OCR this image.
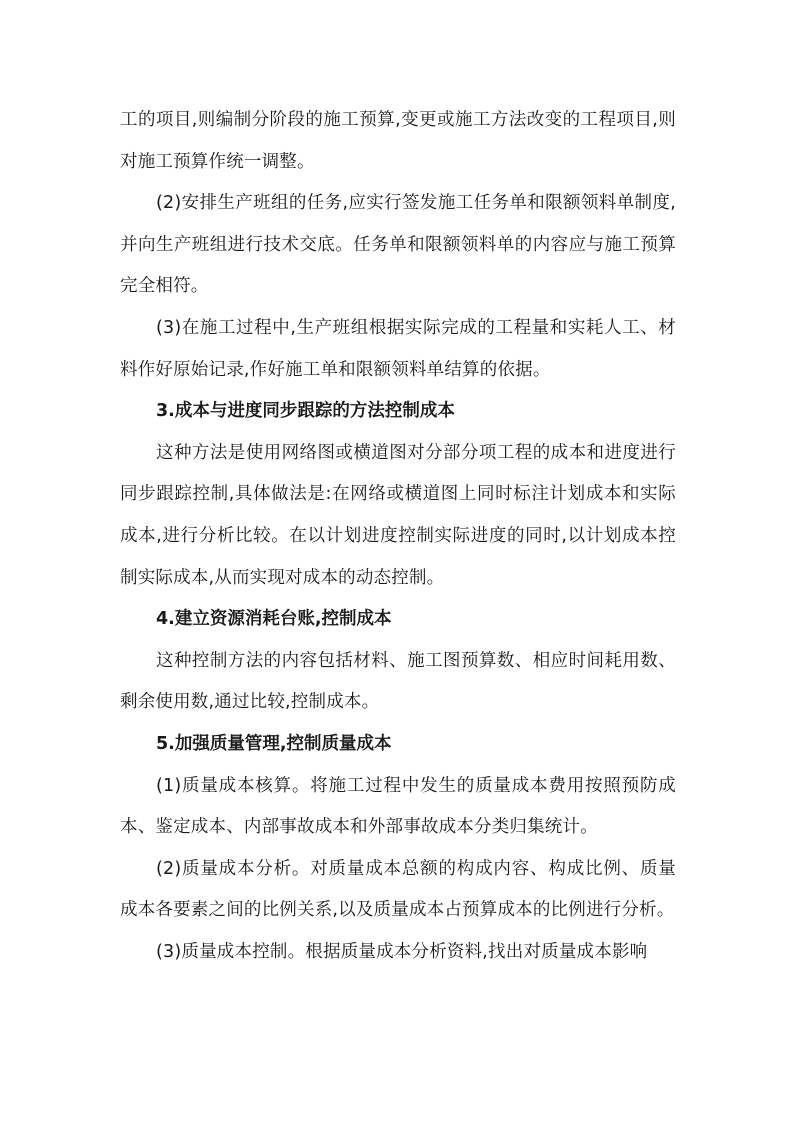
工的项目,则编制分阶段的施工预算,变更或施工方法改变的工程项目,则对施工预算作统一调整。

(2)安排生产班组的任务,应实行签发施工任务单和限额领料单制度,并向生产班组进行技术交底。任务单和限额领料单的内容应与施工预算完全相符。

(3)在施工过程中,生产班组根据实际完成的工程量和实耗人工、材料作好原始记录,作好施工单和限额领料单结算的依据。

3.成本与进度同步跟踪的方法控制成本

这种方法是使用网络图或横道图对分部分项工程的成本和进度进行同步跟踪控制,具体做法是:在网络或横道图上同时标注计划成本和实际成本,进行分析比较。在以计划进度控制实际进度的同时,以计划成本控制实际成本,从而实现对成本的动态控制。

4.建立资源消耗台账,控制成本

这种控制方法的内容包括材料、施工图预算数、相应时间耗用数、剩余使用数,通过比较,控制成本。

5.加强质量管理,控制质量成本

(1)质量成本核算。将施工过程中发生的质量成本费用按照预防成本、鉴定成本、内部事故成本和外部事故成本分类归集统计。

(2)质量成本分析。对质量成本总额的构成内容、构成比例、质量成本各要素之间的比例关系,以及质量成本占预算成本的比例进行分析。

(3)质量成本控制。根据质量成本分析资料,找出对质量成本影响
